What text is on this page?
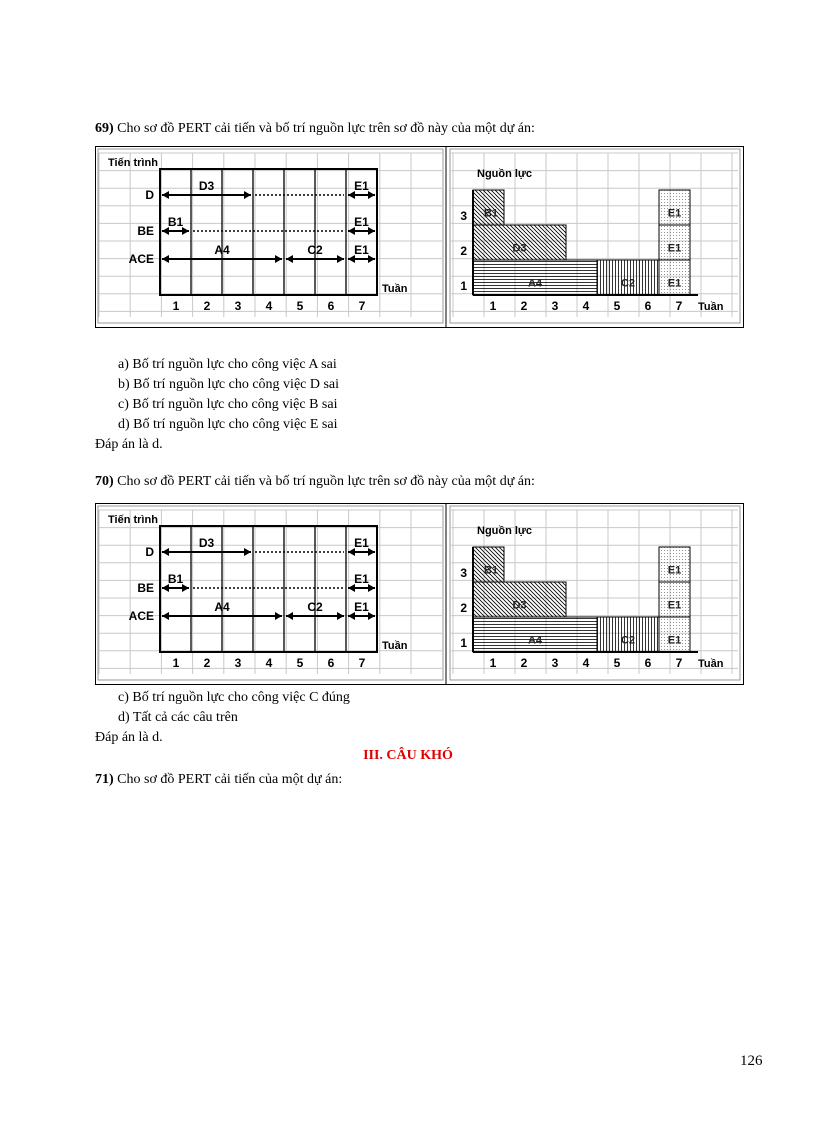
69) Cho sơ đồ PERT cải tiến và bố trí nguồn lực trên sơ đồ này của một dự án:
Tiến trình
Tuần
1 2 3 4 5 6 7
D
D3	E1
BE
B1	E1
ACE
A4	C2	E1
Nguồn lực
A4
D3
B1
C2	E1
E1
E1
1
2
3
1 2 3 4 5 6 7 Tuần
a) Bố trí nguồn lực cho công việc A sai
b) Bố trí nguồn lực cho công việc D sai
c) Bố trí nguồn lực cho công việc B sai
d) Bố trí nguồn lực cho công việc E sai
Đáp án là d.
70) Cho sơ đồ PERT cải tiến và bố trí nguồn lực trên sơ đồ này của một dự án:
Tiến trình
Tuần
1 2 3 4 5 6 7
D
D3	E1
BE
B1	E1
ACE
A4	C2	E1
Nguồn lực
A4
D3
B1
C2	E1
E1
E1
1
2
3
1 2 3 4 5 6 7 Tuần
c) Bố trí nguồn lực cho công việc C đúng
d) Tất cả các câu trên
Đáp án là d.
III. CÂU KHÓ
71) Cho sơ đồ PERT cải tiến của một dự án:
126
